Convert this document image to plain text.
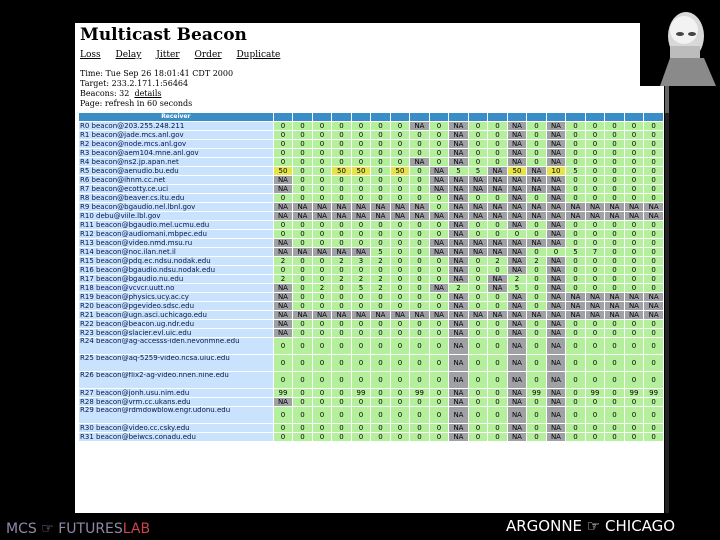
Multicast Beacon
Loss Delay Jitter Order Duplicate
Time: Tue Sep 26 18:01:41 CDT 2000
Target: 233.2.171.1:56464
Beacons: 32 details
Page: refresh in 60 seconds
Receiver																				
R0 beacon@203.255.248.211	0	0	0	0	0	0	0	NA	0	NA	0	0	NA	0	NA	0	0	0	0	0
R1 beacon@jade.mcs.anl.gov	0	0	0	0	0	0	0	0	0	NA	0	0	NA	0	NA	0	0	0	0	0
R2 beacon@node.mcs.anl.gov	0	0	0	0	0	0	0	0	0	NA	0	0	NA	0	NA	0	0	0	0	0
R3 beacon@aem104.mne.anl.gov	0	0	0	0	0	0	0	0	0	NA	0	0	NA	0	NA	0	0	0	0	0
R4 beacon@ns2.jp.apan.net	0	0	0	0	0	0	0	NA	0	NA	0	0	NA	0	NA	0	0	0	0	0
R5 beacon@aenudio.bu.edu	50	0	0	50	50	0	50	0	NA	5	5	NA	50	NA	10	5	0	0	0	0
R6 beacon@ihnm.cc.net	NA	0	0	0	0	0	0	0	NA	NA	NA	NA	NA	NA	NA	0	0	0	0	0
R7 beacon@ecotty.ce.uci	NA	0	0	0	0	0	0	0	NA	NA	NA	NA	NA	NA	NA	0	0	0	0	0
R8 beacon@beaver.cs.itu.edu	0	0	0	0	0	0	0	0	0	NA	0	0	NA	0	NA	0	0	0	0	0
R9 beacon@bgaudio.nel.lbnl.gov	NA	NA	NA	NA	NA	NA	NA	NA	0	NA	NA	NA	NA	NA	NA	NA	NA	NA	NA	NA
R10 debu@viile.lbl.gov	NA	NA	NA	NA	NA	NA	NA	NA	NA	NA	NA	NA	NA	NA	NA	NA	NA	NA	NA	NA
R11 beacon@bgaudio.mel.ucmu.edu	0	0	0	0	0	0	0	0	0	NA	0	0	NA	0	NA	0	0	0	0	0
R12 beacon@audiomani.mbpec.edu	0	0	0	0	0	0	0	0	0	NA	0	0	0	0	NA	0	0	0	0	0
R13 beacon@video.nmd.msu.ru	NA	0	0	0	0	0	0	0	NA	NA	NA	NA	NA	NA	NA	0	0	0	0	0
R14 beacon@noc.ilan.net.il	NA	NA	NA	NA	NA	5	0	0	NA	NA	NA	NA	NA	0	0	5	7	0	0	0
R15 beacon@pdq.ec.ndsu.nodak.edu	2	0	0	2	3	2	0	0	0	NA	0	2	NA	2	NA	0	0	0	0	0
R16 beacon@bgaudio.ndsu.nodak.edu	0	0	0	0	0	0	0	0	0	NA	0	0	NA	0	NA	0	0	0	0	0
R17 beacon@bgaudio.nu.edu	2	0	0	2	2	2	0	0	0	NA	0	NA	2	0	NA	0	0	0	0	0
R18 beacon@vcvcr.uutt.no	NA	0	2	0	5	2	0	0	NA	2	0	NA	5	0	NA	0	0	0	0	0
R19 beacon@physics.ucy.ac.cy	NA	0	0	0	0	0	0	0	0	NA	0	0	NA	0	NA	NA	NA	NA	NA	NA
R20 beacon@pgevideo.sdsc.edu	NA	0	0	0	0	0	0	0	0	NA	0	0	NA	0	NA	NA	NA	NA	NA	NA
R21 beacon@ugn.asci.uchicago.edu	NA	NA	NA	NA	NA	NA	NA	NA	NA	NA	NA	NA	NA	NA	NA	NA	NA	NA	NA	NA
R22 beacon@beacon.ug.ndr.edu	NA	0	0	0	0	0	0	0	0	NA	0	0	NA	0	NA	0	0	0	0	0
R23 beacon@slacier.evl.uic.edu	NA	0	0	0	0	0	0	0	0	NA	0	0	NA	0	NA	0	0	0	0	0
R24 beacon@ag-accesss-iden.nevonmne.edu	0	0	0	0	0	0	0	0	0	NA	0	0	NA	0	NA	0	0	0	0	0
R25 beacon@aq-5259-video.ncsa.uiuc.edu	0	0	0	0	0	0	0	0	0	NA	0	0	NA	0	NA	0	0	0	0	0
R26 beacon@flix2-ag-video.nnen.nine.edu	0	0	0	0	0	0	0	0	0	NA	0	0	NA	0	NA	0	0	0	0	0
R27 beacon@jonh.usu.nim.edu	99	0	0	0	99	0	0	99	0	NA	0	0	NA	99	NA	0	99	0	99	99
R28 beacon@vrm.cc.ukans.edu	NA	0	0	0	0	0	0	0	0	NA	0	0	NA	0	NA	0	0	0	0	0
R29 beacon@rdmdowblow.engr.udonu.edu	0	0	0	0	0	0	0	0	0	NA	0	0	NA	0	NA	0	0	0	0	0
R30 beacon@video.cc.csky.edu	0	0	0	0	0	0	0	0	0	NA	0	0	NA	0	NA	0	0	0	0	0
R31 beacon@beiwcs.conadu.edu	0	0	0	0	0	0	0	0	0	NA	0	0	NA	0	NA	0	0	0	0	0
MCS ☞ FUTURESLAB	ARGONNE ☞ CHICAGO
